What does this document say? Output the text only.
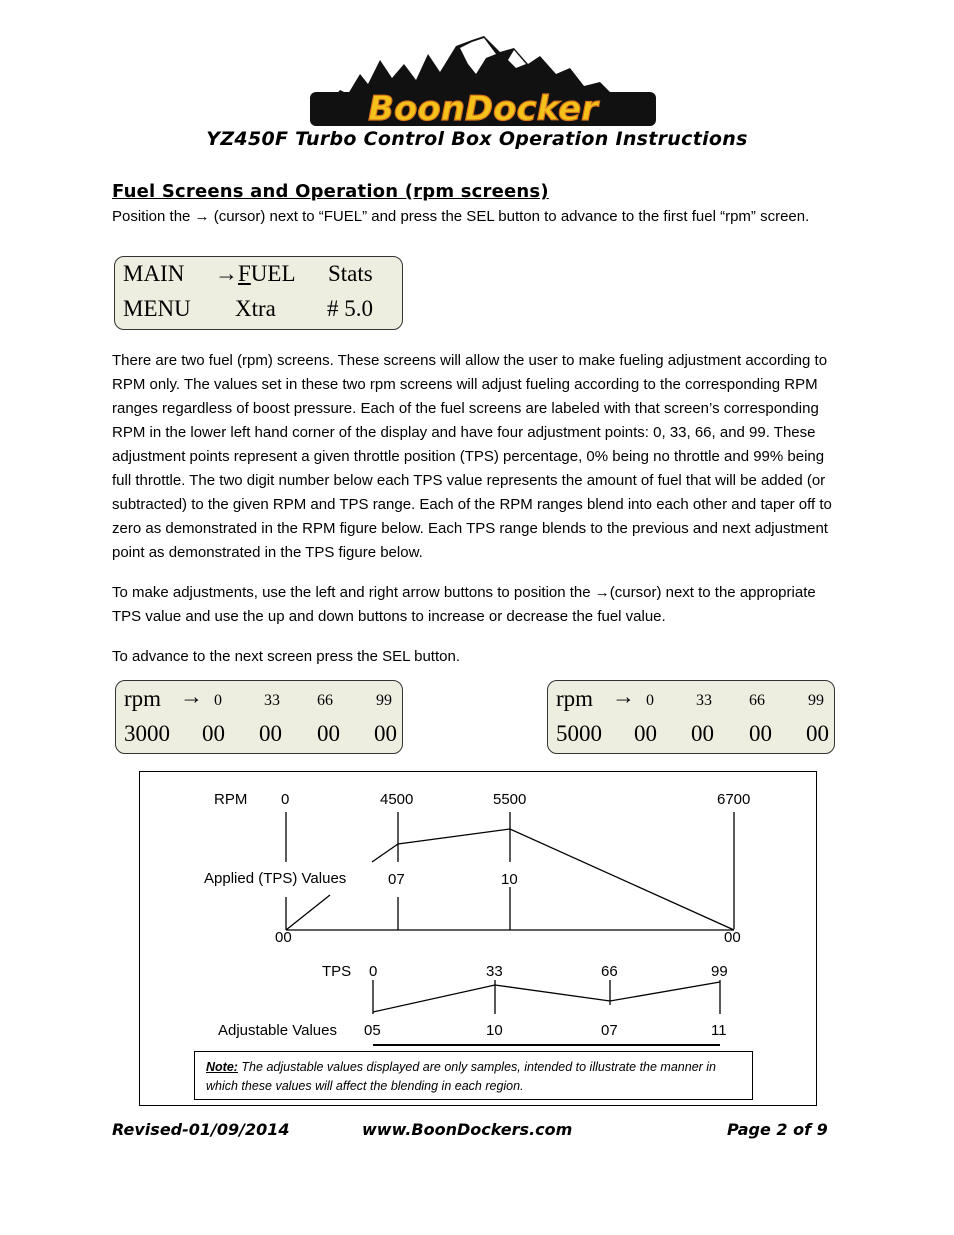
BoonDocker
YZ450F Turbo Control Box Operation Instructions
Fuel Screens and Operation (rpm screens)

Position the → (cursor) next to “FUEL” and press the SEL button to advance to the first fuel “rpm” screen.

MAIN →FUEL Stats
MENU Xtra # 5.0

There are two fuel (rpm) screens. These screens will allow the user to make fueling adjustment according to RPM only. The values set in these two rpm screens will adjust fueling according to the corresponding RPM ranges regardless of boost pressure. Each of the fuel screens are labeled with that screen’s corresponding RPM in the lower left hand corner of the display and have four adjustment points: 0, 33, 66, and 99. These adjustment points represent a given throttle position (TPS) percentage, 0% being no throttle and 99% being full throttle. The two digit number below each TPS value represents the amount of fuel that will be added (or subtracted) to the given RPM and TPS range. Each of the RPM ranges blend into each other and taper off to zero as demonstrated in the RPM figure below. Each TPS range blends to the previous and next adjustment point as demonstrated in the TPS figure below.

To make adjustments, use the left and right arrow buttons to position the →(cursor) next to the appropriate TPS value and use the up and down buttons to increase or decrease the fuel value.

To advance to the next screen press the SEL button.

rpm → 0	33 66	99
3000 00 00 00 00
rpm → 0	33 66	99
5000 00 00 00 00
RPM 0	4500	5500	6700
Applied (TPS) Values	07	10
00	00
TPS 0	33	66	99
Adjustable Values 05	10	07	11
Note: The adjustable values displayed are only samples, intended to illustrate the manner in which these values will affect the blending in each region.
Revised-01/09/2014	www.BoonDockers.com	Page 2 of 9
